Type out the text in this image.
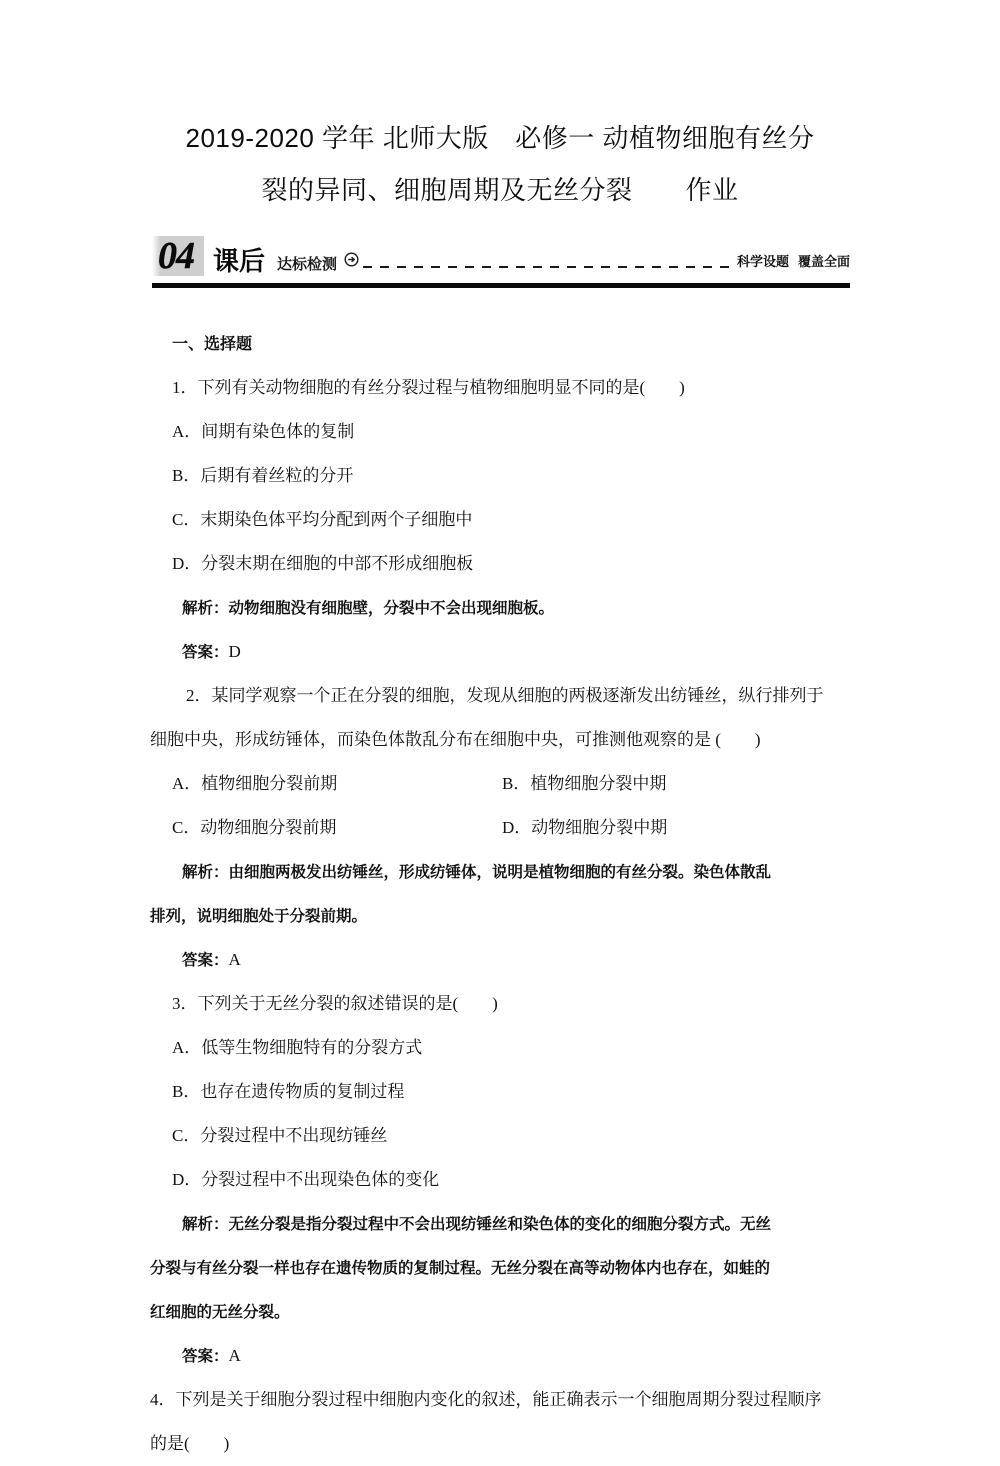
2019-2020 学年 北师大版　必修一 动植物细胞有丝分
裂的异同、细胞周期及无丝分裂　　作业
04 课后 达标检测	科学设题 覆盖全面
一、选择题
1．下列有关动物细胞的有丝分裂过程与植物细胞明显不同的是(　　)
A．间期有染色体的复制
B．后期有着丝粒的分开
C．末期染色体平均分配到两个子细胞中
D．分裂末期在细胞的中部不形成细胞板
解析：动物细胞没有细胞壁，分裂中不会出现细胞板。
答案：D
2．某同学观察一个正在分裂的细胞，发现从细胞的两极逐渐发出纺锤丝，纵行排列于
细胞中央，形成纺锤体，而染色体散乱分布在细胞中央，可推测他观察的是 (　　)
A．植物细胞分裂前期	B．植物细胞分裂中期
C．动物细胞分裂前期	D．动物细胞分裂中期
解析：由细胞两极发出纺锤丝，形成纺锤体，说明是植物细胞的有丝分裂。染色体散乱
排列，说明细胞处于分裂前期。
答案：A
3．下列关于无丝分裂的叙述错误的是(　　)
A．低等生物细胞特有的分裂方式
B．也存在遗传物质的复制过程
C．分裂过程中不出现纺锤丝
D．分裂过程中不出现染色体的变化
解析：无丝分裂是指分裂过程中不会出现纺锤丝和染色体的变化的细胞分裂方式。无丝
分裂与有丝分裂一样也存在遗传物质的复制过程。无丝分裂在高等动物体内也存在，如蛙的
红细胞的无丝分裂。
答案：A
4．下列是关于细胞分裂过程中细胞内变化的叙述，能正确表示一个细胞周期分裂过程顺序
的是(　　)
